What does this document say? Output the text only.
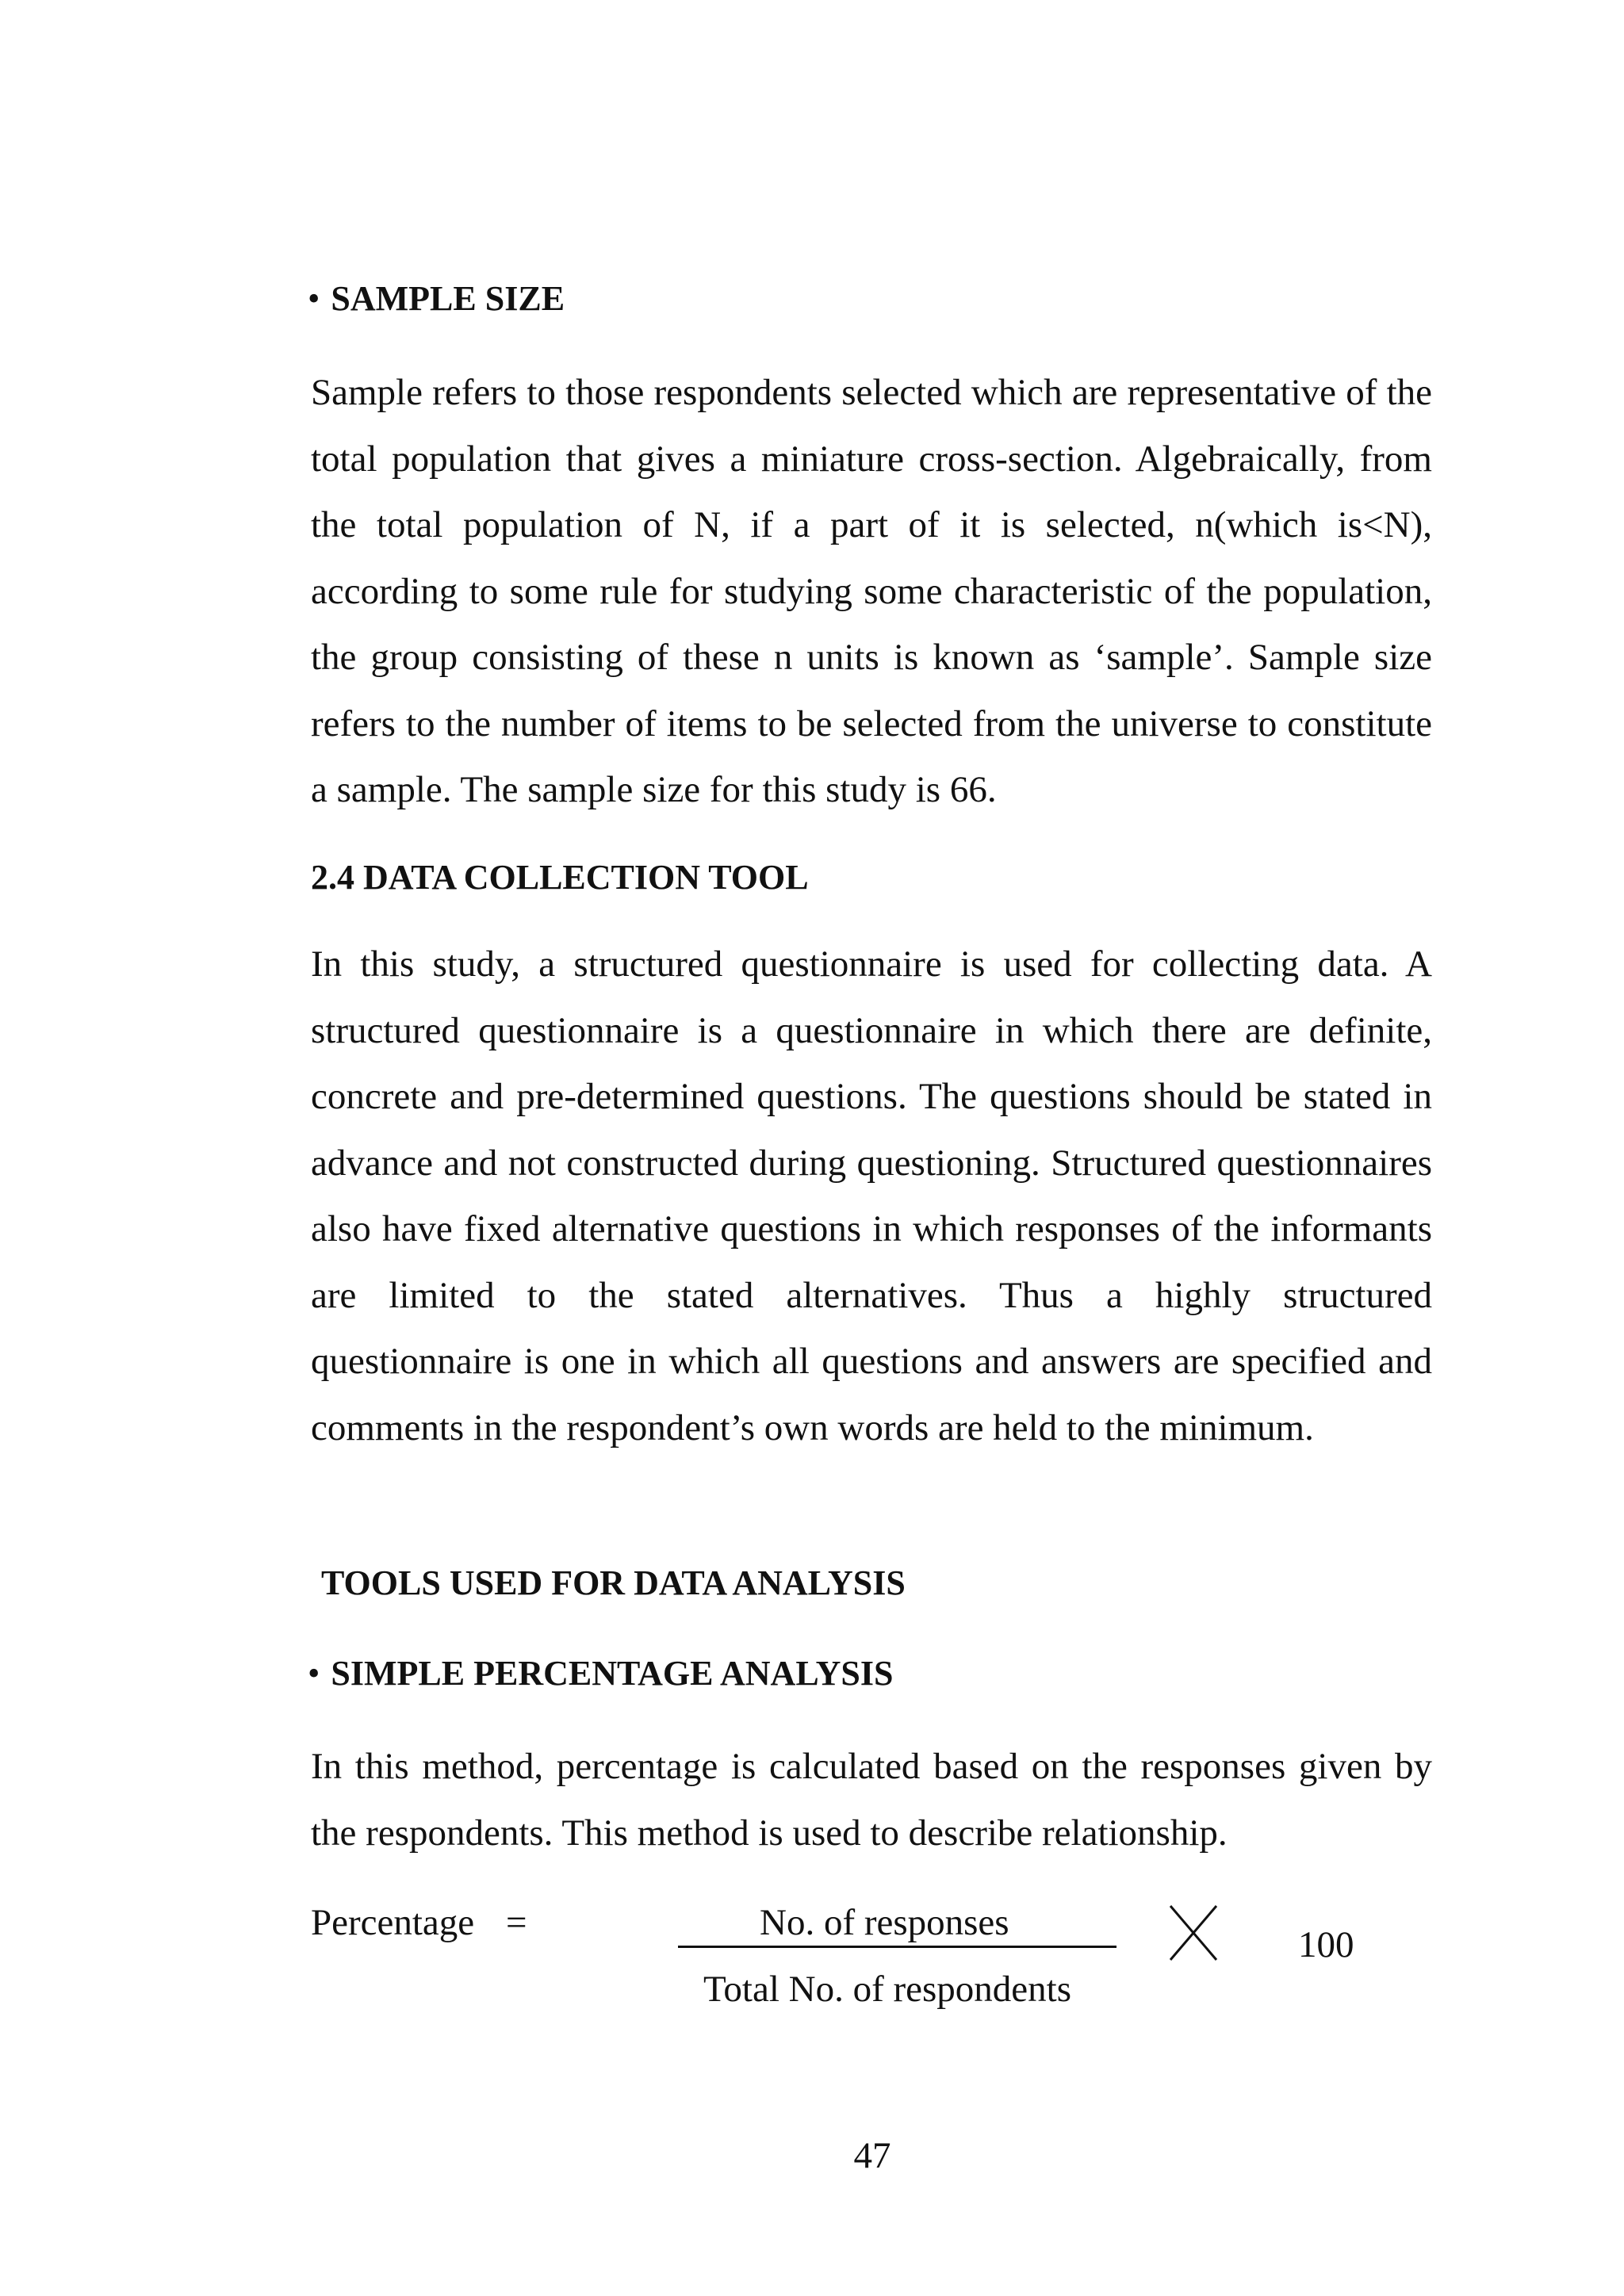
• SAMPLE SIZE

Sample refers to those respondents selected which are representative of the total population that gives a miniature cross-section. Algebraically, from the total population of N, if a part of it is selected, n(which is<N), according to some rule for studying some characteristic of the population, the group consisting of these n units is known as ‘sample’. Sample size refers to the number of items to be selected from the universe to constitute a sample. The sample size for this study is 66.

2.4 DATA COLLECTION TOOL

In this study, a structured questionnaire is used for collecting data. A structured questionnaire is a questionnaire in which there are definite, concrete and pre-determined questions. The questions should be stated in advance and not constructed during questioning. Structured questionnaires also have fixed alternative questions in which responses of the informants are limited to the stated alternatives. Thus a highly structured questionnaire is one in which all questions and answers are specified and comments in the respondent’s own words are held to the minimum.

TOOLS USED FOR DATA ANALYSIS
• SIMPLE PERCENTAGE ANALYSIS

In this method, percentage is calculated based on the responses given by the respondents. This method is used to describe relationship.

Percentage =	No. of responses
Total No. of respondents
100
47
